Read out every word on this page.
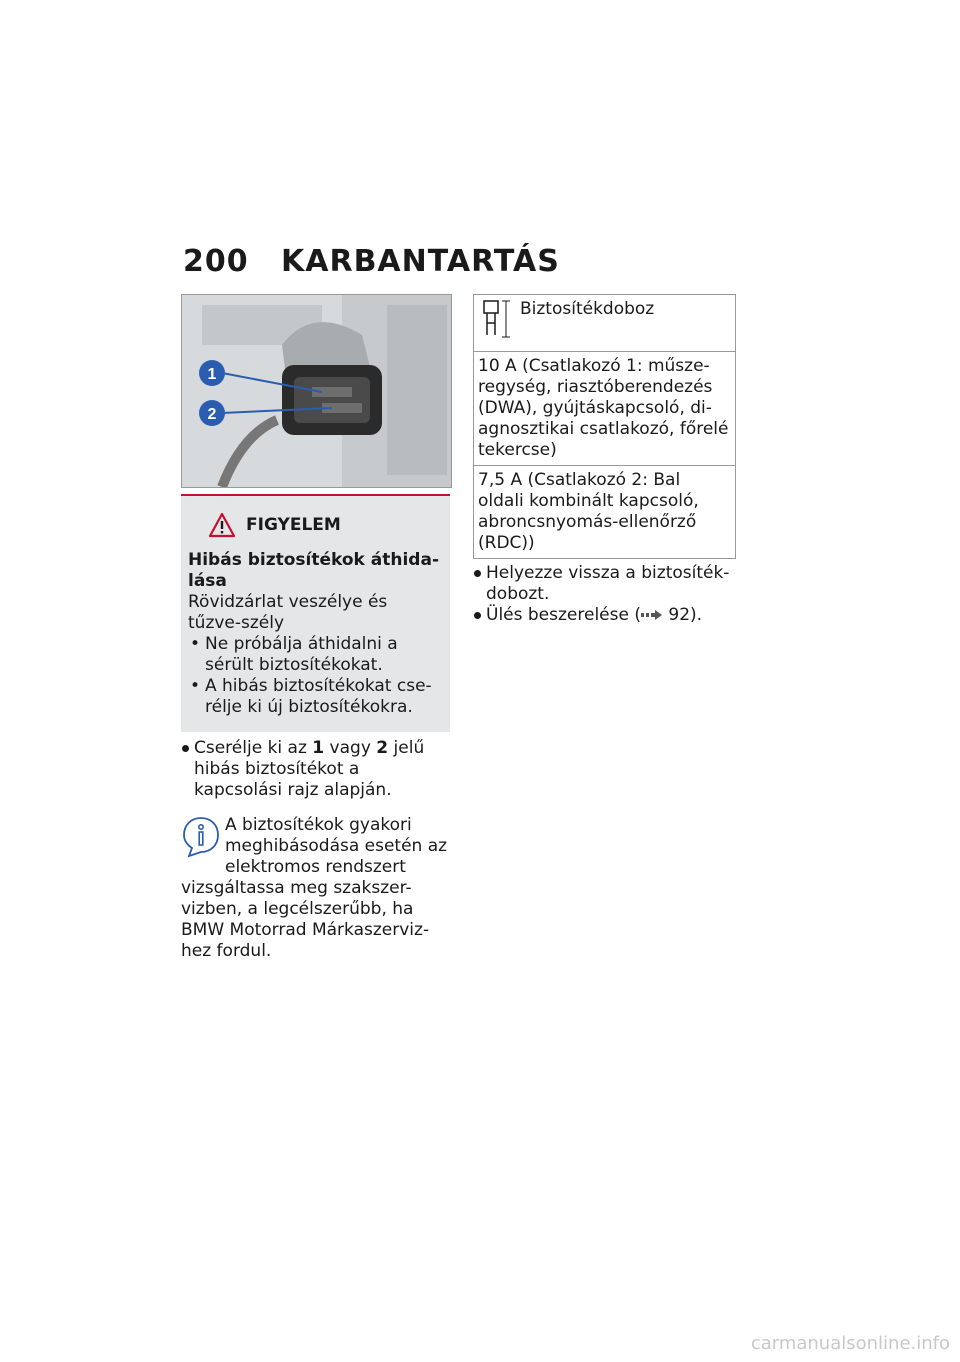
200 KARBANTARTÁS
1
2
FIGYELEM
Hibás biztosítékok áthida-lása
Rövidzárlat veszélye és tűzve-szély
• Ne próbálja áthidalni a sérült biztosítékokat.
• A hibás biztosítékokat cse-rélje ki új biztosítékokra.
Cserélje ki az 1 vagy 2 jelű hibás biztosítékot a kapcsolási rajz alapján.
A biztosítékok gyakori meghibásodása esetén az elektromos rendszert vizsgáltassa meg szakszer-vizben, a legcélszerűbb, ha BMW Motorrad Márkaszerviz-hez fordul.
Biztosítékdoboz
10 A (Csatlakozó 1: műsze-regység, riasztóberendezés (DWA), gyújtáskapcsoló, di-agnosztikai csatlakozó, főrelé tekercse)
7,5 A (Csatlakozó 2: Bal oldali kombinált kapcsoló, abroncsnyomás-ellenőrző (RDC))
Helyezze vissza a biztosíték-dobozt.
Ülés beszerelése ( 92).
carmanualsonline.info
